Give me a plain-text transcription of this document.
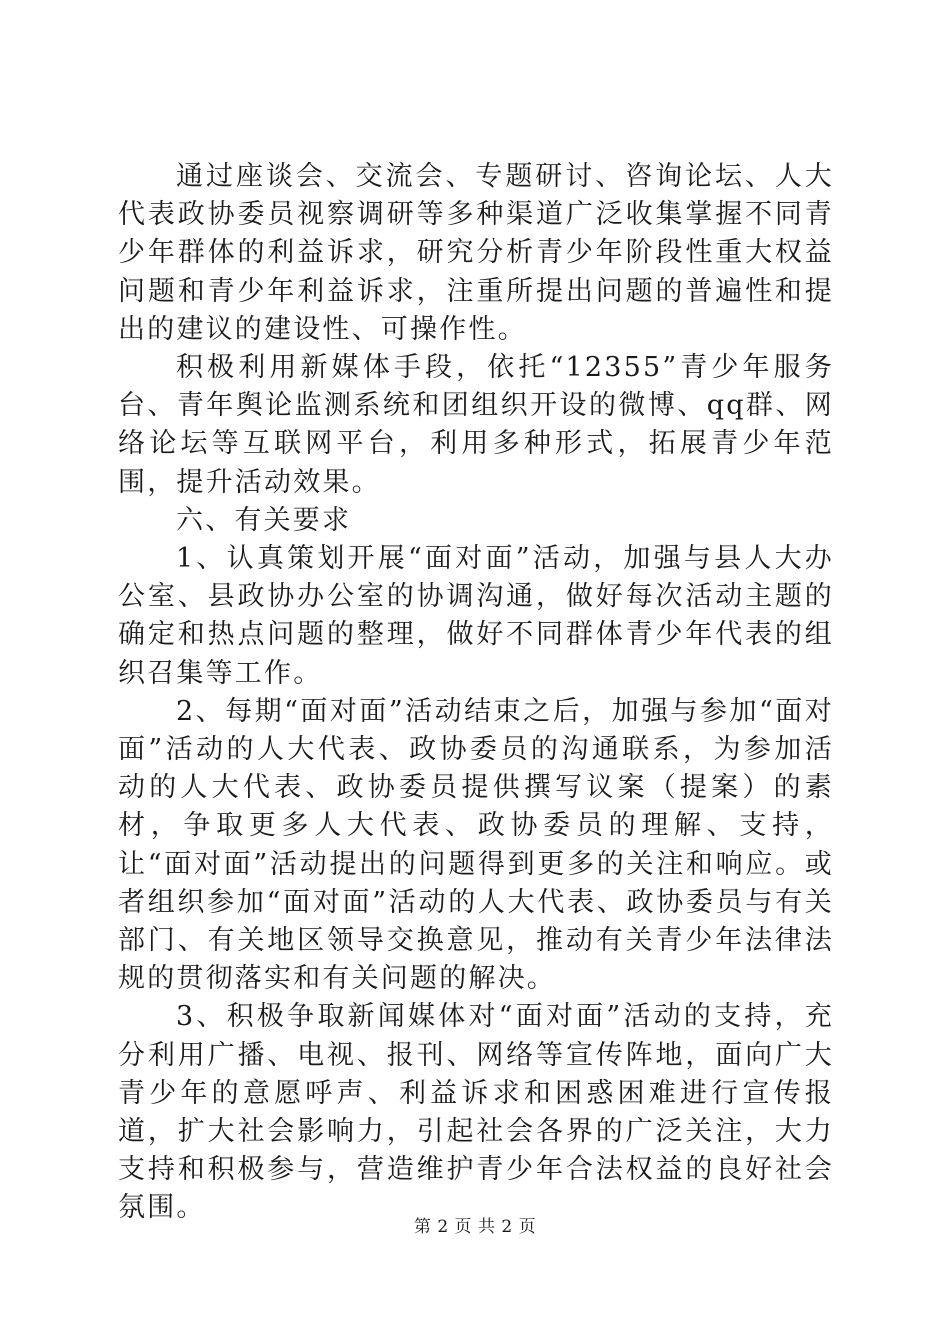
通过座谈会、交流会、专题研讨、咨询论坛、人大代表政协委员视察调研等多种渠道广泛收集掌握不同青少年群体的利益诉求，研究分析青少年阶段性重大权益问题和青少年利益诉求，注重所提出问题的普遍性和提出的建议的建设性、可操作性。

积极利用新媒体手段，依托“12355”青少年服务台、青年舆论监测系统和团组织开设的微博、qq群、网络论坛等互联网平台，利用多种形式，拓展青少年范围，提升活动效果。

六、有关要求

1、认真策划开展“面对面”活动，加强与县人大办公室、县政协办公室的协调沟通，做好每次活动主题的确定和热点问题的整理，做好不同群体青少年代表的组织召集等工作。

2、每期“面对面”活动结束之后，加强与参加“面对面”活动的人大代表、政协委员的沟通联系，为参加活动的人大代表、政协委员提供撰写议案（提案）的素材，争取更多人大代表、政协委员的理解、支持，让“面对面”活动提出的问题得到更多的关注和响应。或者组织参加“面对面”活动的人大代表、政协委员与有关部门、有关地区领导交换意见，推动有关青少年法律法规的贯彻落实和有关问题的解决。

3、积极争取新闻媒体对“面对面”活动的支持，充分利用广播、电视、报刊、网络等宣传阵地，面向广大青少年的意愿呼声、利益诉求和困惑困难进行宣传报道，扩大社会影响力，引起社会各界的广泛关注，大力支持和积极参与，营造维护青少年合法权益的良好社会氛围。

第 2 页 共 2 页
